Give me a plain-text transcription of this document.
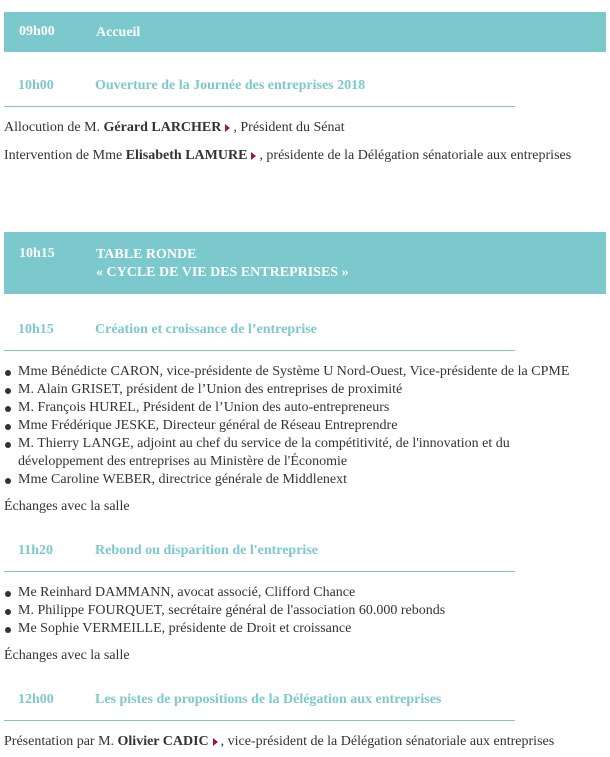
09h00	Accueil
10h00	Ouverture de la Journée des entreprises 2018
Allocution de M. Gérard LARCHER , Président du Sénat
Intervention de Mme Elisabeth LAMURE , présidente de la Délégation sénatoriale aux entreprises
10h15	TABLE RONDE
« CYCLE DE VIE DES ENTREPRISES »
10h15	Création et croissance de l’entreprise
Mme Bénédicte CARON, vice-présidente de Système U Nord-Ouest, Vice-présidente de la CPME
M. Alain GRISET, président de l’Union des entreprises de proximité
M. François HUREL, Président de l’Union des auto-entrepreneurs
Mme Frédérique JESKE, Directeur général de Réseau Entreprendre
M. Thierry LANGE, adjoint au chef du service de la compétitivité, de l'innovation et du développement des entreprises au Ministère de l'Économie
Mme Caroline WEBER, directrice générale de Middlenext
Échanges avec la salle
11h20	Rebond ou disparition de l'entreprise
Me Reinhard DAMMANN, avocat associé, Clifford Chance
M. Philippe FOURQUET, secrétaire général de l'association 60.000 rebonds
Me Sophie VERMEILLE, présidente de Droit et croissance
Échanges avec la salle
12h00	Les pistes de propositions de la Délégation aux entreprises
Présentation par M. Olivier CADIC , vice-président de la Délégation sénatoriale aux entreprises
